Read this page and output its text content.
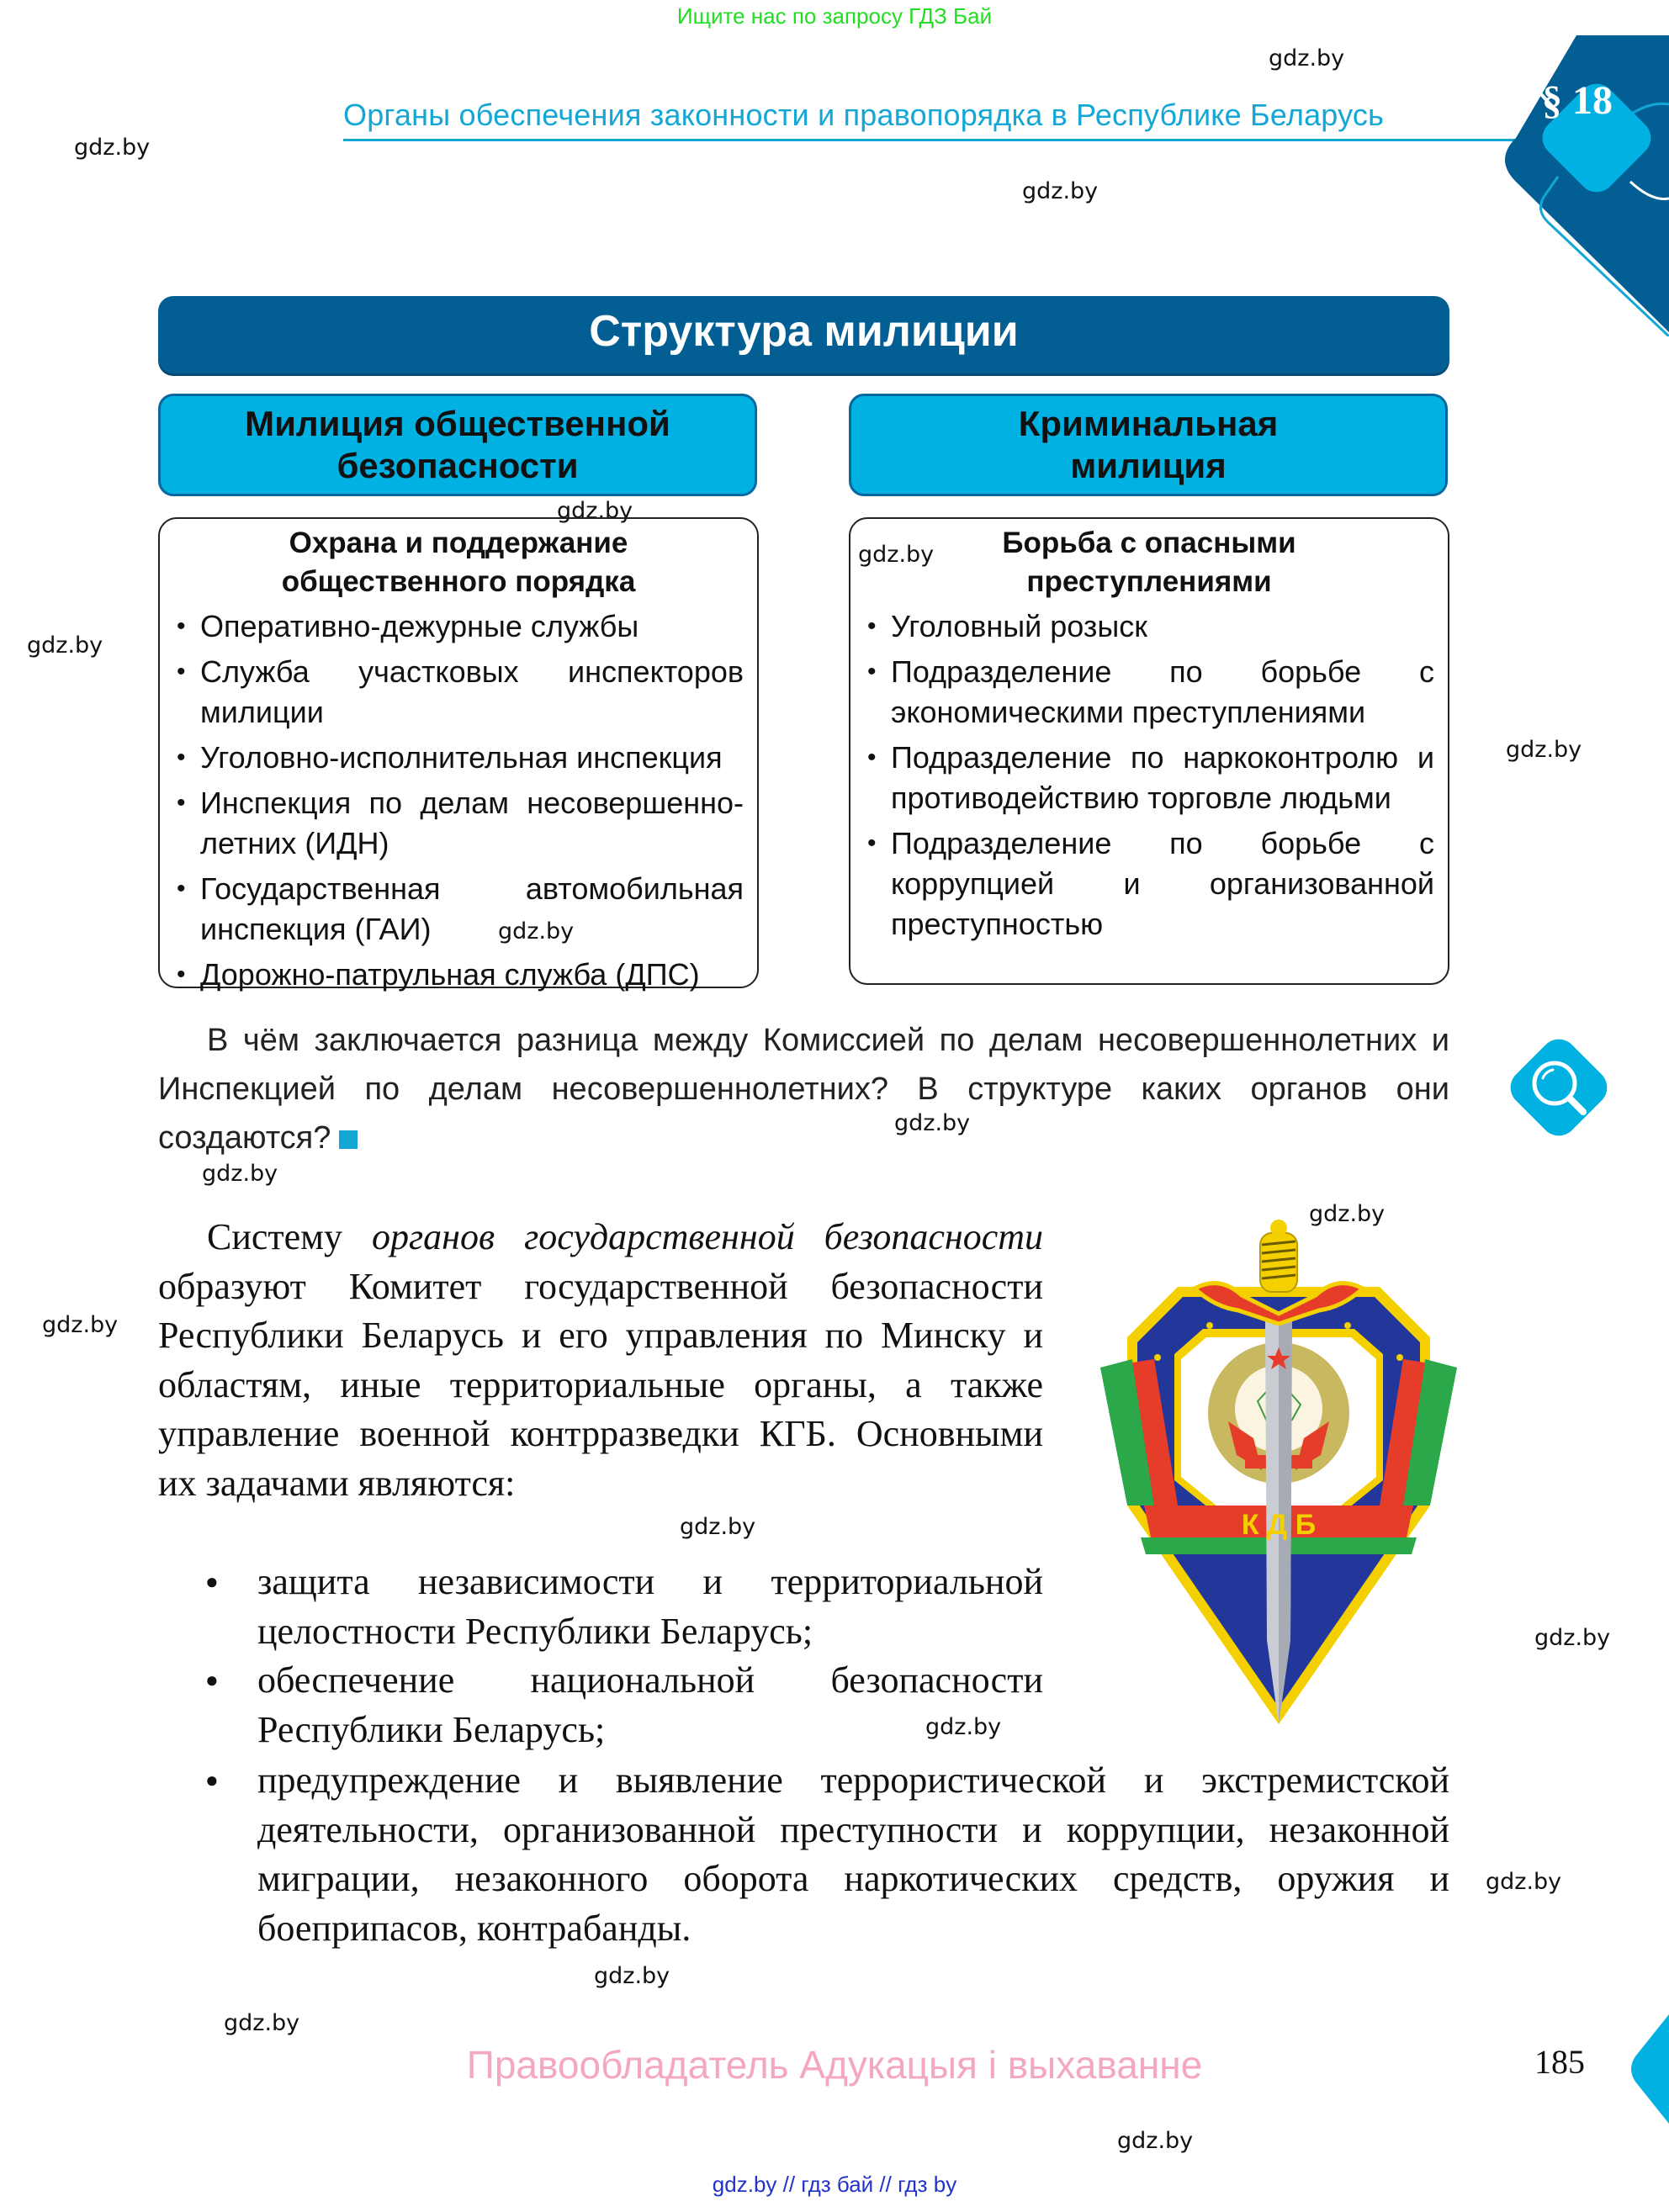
Ищите нас по запросу ГДЗ Бай
gdz.by
gdz.by
gdz.by
gdz.by
gdz.by
gdz.by
gdz.by
gdz.by
gdz.by
gdz.by
gdz.by
gdz.by
gdz.by
gdz.by
gdz.by
gdz.by
gdz.by
gdz.by
gdz.by
Органы обеспечения законности и правопорядка в Республике Беларусь	§ 18
Структура милиции
Милиция общественной
безопасности
Криминальная
милиция
Охрана и поддержание
общественного порядка
• Оперативно-дежурные службы
• Служба участковых инспекторов милиции
• Уголовно-исполнительная инспекция
• Инспекция по делам несовершенно-летних (ИДН)
• Государственная автомобильная инспекция (ГАИ)
• Дорожно-патрульная служба (ДПС)
Борьба с опасными
преступлениями
• Уголовный розыск
• Подразделение по борьбе с экономическими преступлениями
• Подразделение по наркоконтролю и противодействию торговле людьми
• Подразделение по борьбе с коррупцией и организованной преступностью
В чём заключается разница между Комиссией по делам несовершеннолетних и Инспекцией по делам несовершеннолетних? В структуре каких органов они создаются?
Систему органов государственной безопасности образуют Комитет государственной безопасности Республики Беларусь и его управления по Минску и областям, иные территориальные органы, а также управление военной контрразведки КГБ. Основными их задачами являются:
● защита независимости и территориальной целостности Республики Беларусь;
● обеспечение национальной безопасности Республики Беларусь;
● предупреждение и выявление террористической и экстремистской деятельности, организованной преступности и коррупции, незаконной миграции, незаконного оборота наркотических средств, оружия и боеприпасов, контрабанды.
К Д Б
Правообладатель Адукацыя і выхаванне	185
gdz.by // гдз бай // гдз by
